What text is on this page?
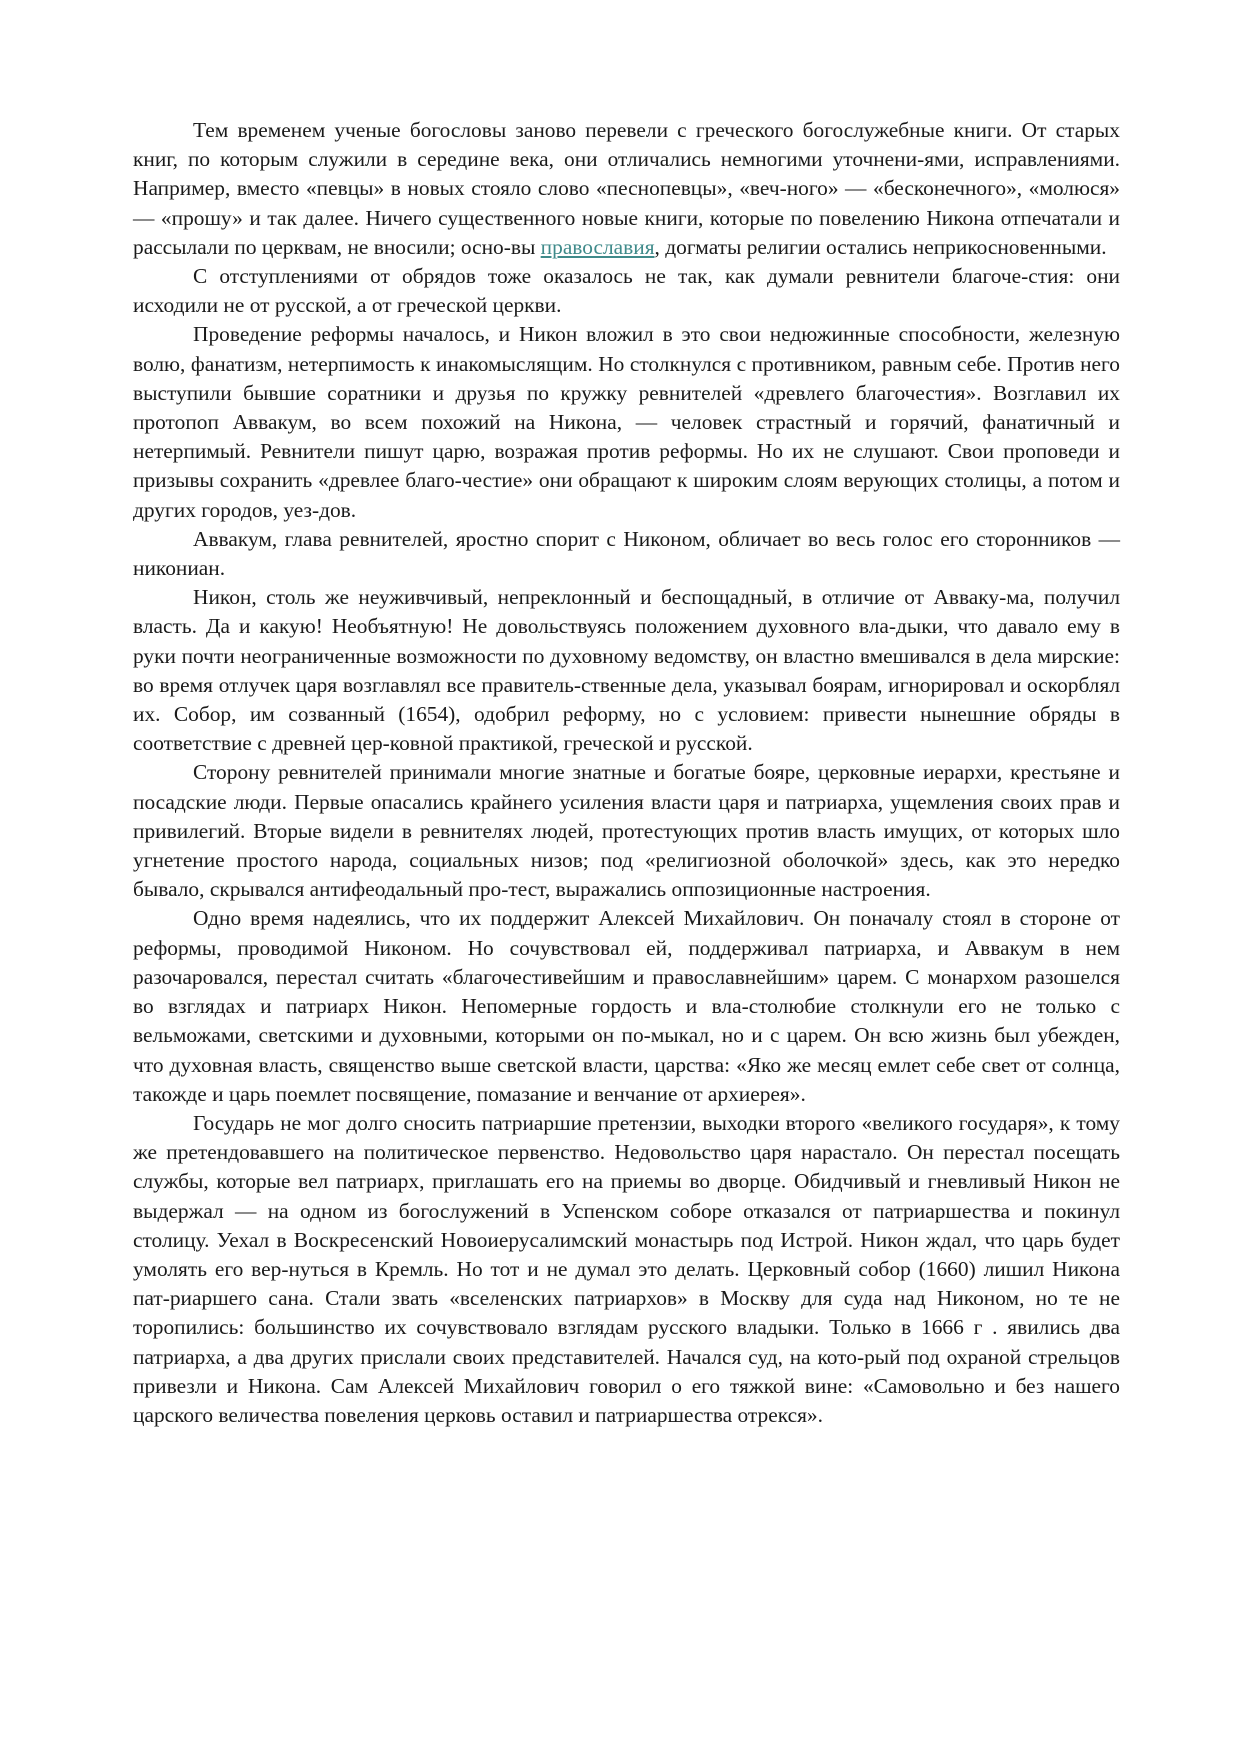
Тем временем ученые богословы заново перевели с греческого богослужебные книги. От старых книг, по которым служили в середине века, они отличались немногими уточнени-ями, исправлениями. Например, вместо «певцы» в новых стояло слово «песнопевцы», «веч-ного» — «бесконечного», «молюся» — «прошу» и так далее. Ничего существенного новые книги, которые по повелению Никона отпечатали и рассылали по церквам, не вносили; осно-вы православия, догматы религии остались неприкосновенными.

С отступлениями от обрядов тоже оказалось не так, как думали ревнители благоче-стия: они исходили не от русской, а от греческой церкви.

Проведение реформы началось, и Никон вложил в это свои недюжинные способности, железную волю, фанатизм, нетерпимость к инакомыслящим. Но столкнулся с противником, равным себе. Против него выступили бывшие соратники и друзья по кружку ревнителей «древлего благочестия». Возглавил их протопоп Аввакум, во всем похожий на Никона, — человек страстный и горячий, фанатичный и нетерпимый. Ревнители пишут царю, возражая против реформы. Но их не слушают. Свои проповеди и призывы сохранить «древлее благо-честие» они обращают к широким слоям верующих столицы, а потом и других городов, уез-дов.

Аввакум, глава ревнителей, яростно спорит с Никоном, обличает во весь голос его сторонников — никониан.

Никон, столь же неуживчивый, непреклонный и беспощадный, в отличие от Авваку-ма, получил власть. Да и какую! Необъятную! Не довольствуясь положением духовного вла-дыки, что давало ему в руки почти неограниченные возможности по духовному ведомству, он властно вмешивался в дела мирские: во время отлучек царя возглавлял все правитель-ственные дела, указывал боярам, игнорировал и оскорблял их. Собор, им созванный (1654), одобрил реформу, но с условием: привести нынешние обряды в соответствие с древней цер-ковной практикой, греческой и русской.

Сторону ревнителей принимали многие знатные и богатые бояре, церковные иерархи, крестьяне и посадские люди. Первые опасались крайнего усиления власти царя и патриарха, ущемления своих прав и привилегий. Вторые видели в ревнителях людей, протестующих против власть имущих, от которых шло угнетение простого народа, социальных низов; под «религиозной оболочкой» здесь, как это нередко бывало, скрывался антифеодальный про-тест, выражались оппозиционные настроения.

Одно время надеялись, что их поддержит Алексей Михайлович. Он поначалу стоял в стороне от реформы, проводимой Никоном. Но сочувствовал ей, поддерживал патриарха, и Аввакум в нем разочаровался, перестал считать «благочестивейшим и православнейшим» царем. С монархом разошелся во взглядах и патриарх Никон. Непомерные гордость и вла-столюбие столкнули его не только с вельможами, светскими и духовными, которыми он по-мыкал, но и с царем. Он всю жизнь был убежден, что духовная власть, священство выше светской власти, царства: «Яко же месяц емлет себе свет от солнца, такожде и царь поемлет посвящение, помазание и венчание от архиерея».

Государь не мог долго сносить патриаршие претензии, выходки второго «великого государя», к тому же претендовавшего на политическое первенство. Недовольство царя нарастало. Он перестал посещать службы, которые вел патриарх, приглашать его на приемы во дворце. Обидчивый и гневливый Никон не выдержал — на одном из богослужений в Успенском соборе отказался от патриаршества и покинул столицу. Уехал в Воскресенский Новоиерусалимский монастырь под Истрой. Никон ждал, что царь будет умолять его вер-нуться в Кремль. Но тот и не думал это делать. Церковный собор (1660) лишил Никона пат-риаршего сана. Стали звать «вселенских патриархов» в Москву для суда над Никоном, но те не торопились: большинство их сочувствовало взглядам русского владыки. Только в 1666 г . явились два патриарха, а два других прислали своих представителей. Начался суд, на кото-рый под охраной стрельцов привезли и Никона. Сам Алексей Михайлович говорил о его тяжкой вине: «Самовольно и без нашего царского величества повеления церковь оставил и патриаршества отрекся».
